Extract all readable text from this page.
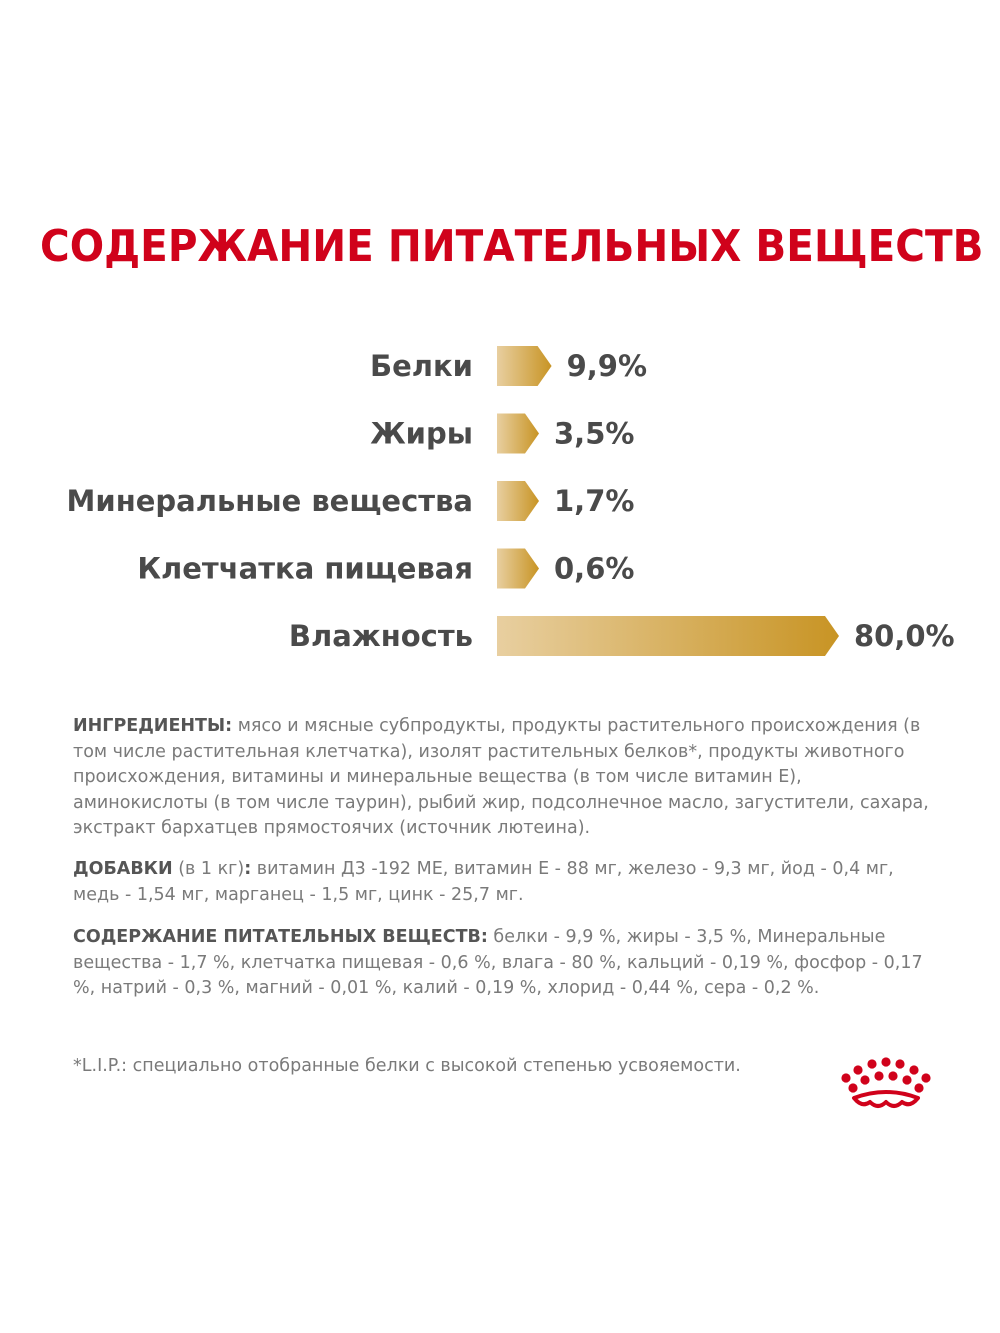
СОДЕРЖАНИЕ ПИТАТЕЛЬНЫХ ВЕЩЕСТВ
Белки	9,9%
Жиры	3,5%
Минеральные вещества	1,7%
Клетчатка пищевая	0,6%
Влажность	80,0%
ИНГРЕДИЕНТЫ: мясо и мясные субпродукты, продукты растительного происхождения (в том числе растительная клетчатка), изолят растительных белков*, продукты животного происхождения, витамины и минеральные вещества (в том числе витамин Е), аминокислоты (в том числе таурин), рыбий жир, подсолнечное масло, загустители, сахара, экстракт бархатцев прямостоячих (источник лютеина).
ДОБАВКИ (в 1 кг): витамин Д3 -192 МЕ, витамин Е - 88 мг, железо - 9,3 мг, йод - 0,4 мг, медь - 1,54 мг, марганец - 1,5 мг, цинк - 25,7 мг.
СОДЕРЖАНИЕ ПИТАТЕЛЬНЫХ ВЕЩЕСТВ: белки - 9,9 %, жиры - 3,5 %, Минеральные вещества - 1,7 %, клетчатка пищевая - 0,6 %, влага - 80 %, кальций - 0,19 %, фосфор - 0,17 %, натрий - 0,3 %, магний - 0,01 %, калий - 0,19 %, хлорид - 0,44 %, сера - 0,2 %.
*L.I.P.: специально отобранные белки с высокой степенью усвояемости.
